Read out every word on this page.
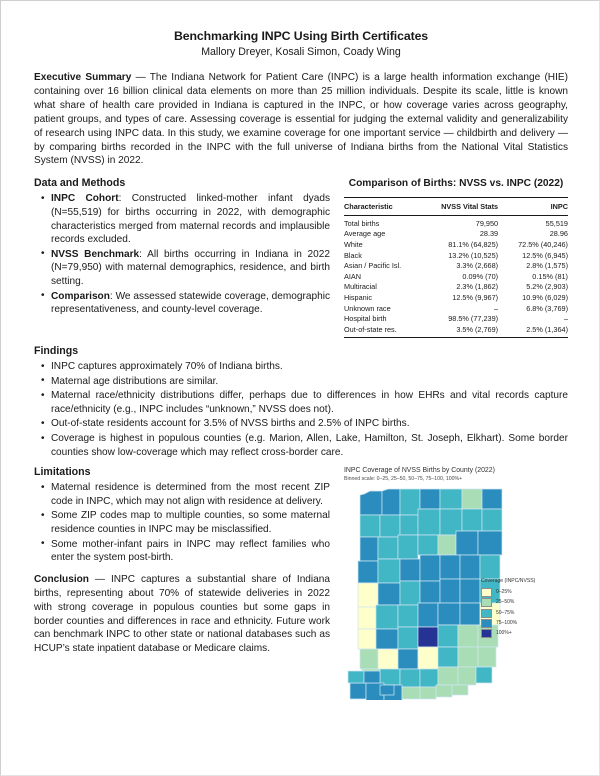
Benchmarking INPC Using Birth Certificates
Mallory Dreyer, Kosali Simon, Coady Wing

Executive Summary — The Indiana Network for Patient Care (INPC) is a large health information exchange (HIE) containing over 16 billion clinical data elements on more than 25 million individuals. Despite its scale, little is known what share of health care provided in Indiana is captured in the INPC, or how coverage varies across geography, patient groups, and types of care. Assessing coverage is essential for judging the external validity and generalizability of research using INPC data. In this study, we examine coverage for one important service — childbirth and delivery — by comparing births recorded in the INPC with the full universe of Indiana births from the National Vital Statistics System (NVSS) in 2022.

Data and Methods
• INPC Cohort: Constructed linked-mother infant dyads (N=55,519) for births occurring in 2022, with demographic characteristics merged from maternal records and implausible records excluded.
• NVSS Benchmark: All births occurring in Indiana in 2022 (N=79,950) with maternal demographics, residence, and birth setting.
• Comparison: We assessed statewide coverage, demographic representativeness, and county-level coverage.
Comparison of Births: NVSS vs. INPC (2022)
Characteristic	NVSS Vital Stats	INPC
Total births	79,950	55,519
Average age	28.39	28.96
White	81.1% (64,825)	72.5% (40,246)
Black	13.2% (10,525)	12.5% (6,945)
Asian / Pacific Isl.	3.3% (2,668)	2.8% (1,575)
AIAN	0.09% (70)	0.15% (81)
Multiracial	2.3% (1,862)	5.2% (2,903)
Hispanic	12.5% (9,967)	10.9% (6,029)
Unknown race	–	6.8% (3,769)
Hospital birth	98.5% (77,239)	–
Out-of-state res.	3.5% (2,769)	2.5% (1,364)
Findings
• INPC captures approximately 70% of Indiana births.
• Maternal age distributions are similar.
• Maternal race/ethnicity distributions differ, perhaps due to differences in how EHRs and vital records capture race/ethnicity (e.g., INPC includes “unknown,” NVSS does not).
• Out-of-state residents account for 3.5% of NVSS births and 2.5% of INPC births.
• Coverage is highest in populous counties (e.g. Marion, Allen, Lake, Hamilton, St. Joseph, Elkhart). Some border counties show low-coverage which may reflect cross-border care.
Limitations
• Maternal residence is determined from the most recent ZIP code in INPC, which may not align with residence at delivery.
• Some ZIP codes map to multiple counties, so some maternal residence counties in INPC may be misclassified.
• Some mother-infant pairs in INPC may reflect families who enter the system post-birth.

Conclusion — INPC captures a substantial share of Indiana births, representing about 70% of statewide deliveries in 2022 with strong coverage in populous counties but some gaps in border counties and differences in race and ethnicity. Future work can benchmark INPC to other state or national databases such as HCUP’s state inpatient database or Medicare claims.

INPC Coverage of NVSS Births by County (2022)
Binned scale: 0–25, 25–50, 50–75, 75–100, 100%+
Coverage (INPC/NVSS)
0–25%
25–50%
50–75%
75–100%
100%+
